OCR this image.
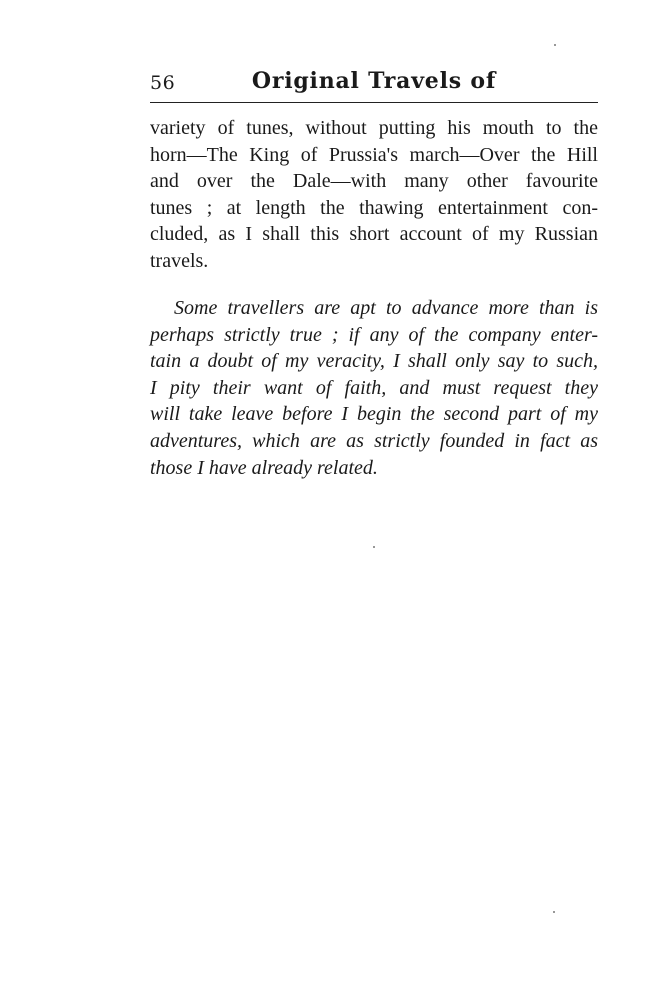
56	Original Travels of
variety of tunes, without putting his mouth to the
horn—The King of Prussia's march—Over the Hill
and over the Dale—with many other favourite
tunes ; at length the thawing entertainment con-
cluded, as I shall this short account of my Russian
travels.
Some travellers are apt to advance more than is
perhaps strictly true ; if any of the company enter-
tain a doubt of my veracity, I shall only say to such,
I pity their want of faith, and must request they
will take leave before I begin the second part of my
adventures, which are as strictly founded in fact as
those I have already related.
